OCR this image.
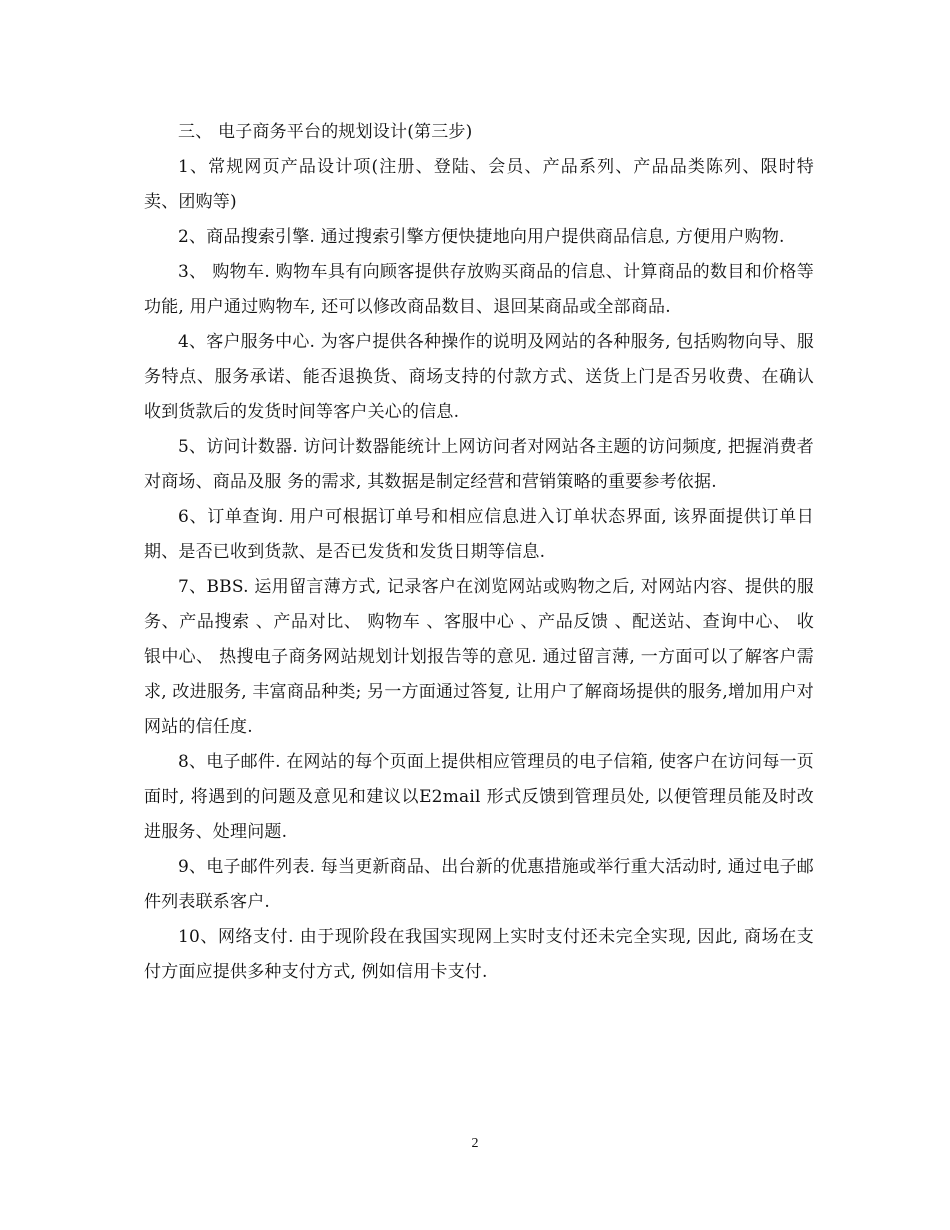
三、 电子商务平台的规划设计(第三步)

1、常规网页产品设计项(注册、登陆、会员、产品系列、产品品类陈列、限时特卖、团购等)

2、商品搜索引擎. 通过搜索引擎方便快捷地向用户提供商品信息, 方便用户购物.

3、 购物车. 购物车具有向顾客提供存放购买商品的信息、计算商品的数目和价格等功能, 用户通过购物车, 还可以修改商品数目、退回某商品或全部商品.

4、客户服务中心. 为客户提供各种操作的说明及网站的各种服务, 包括购物向导、服务特点、服务承诺、能否退换货、商场支持的付款方式、送货上门是否另收费、在确认收到货款后的发货时间等客户关心的信息.

5、访问计数器. 访问计数器能统计上网访问者对网站各主题的访问频度, 把握消费者对商场、商品及服 务的需求, 其数据是制定经营和营销策略的重要参考依据.

6、订单查询. 用户可根据订单号和相应信息进入订单状态界面, 该界面提供订单日期、是否已收到货款、是否已发货和发货日期等信息.

7、BBS. 运用留言薄方式, 记录客户在浏览网站或购物之后, 对网站内容、提供的服务、产品搜索 、产品对比、 购物车 、客服中心 、产品反馈 、配送站、查询中心、 收银中心、 热搜电子商务网站规划计划报告等的意见. 通过留言薄, 一方面可以了解客户需求, 改进服务, 丰富商品种类; 另一方面通过答复, 让用户了解商场提供的服务,增加用户对网站的信任度.

8、电子邮件. 在网站的每个页面上提供相应管理员的电子信箱, 使客户在访问每一页面时, 将遇到的问题及意见和建议以E2mail 形式反馈到管理员处, 以便管理员能及时改进服务、处理问题.

9、电子邮件列表. 每当更新商品、出台新的优惠措施或举行重大活动时, 通过电子邮件列表联系客户.

10、网络支付. 由于现阶段在我国实现网上实时支付还未完全实现, 因此, 商场在支付方面应提供多种支付方式, 例如信用卡支付.

2
